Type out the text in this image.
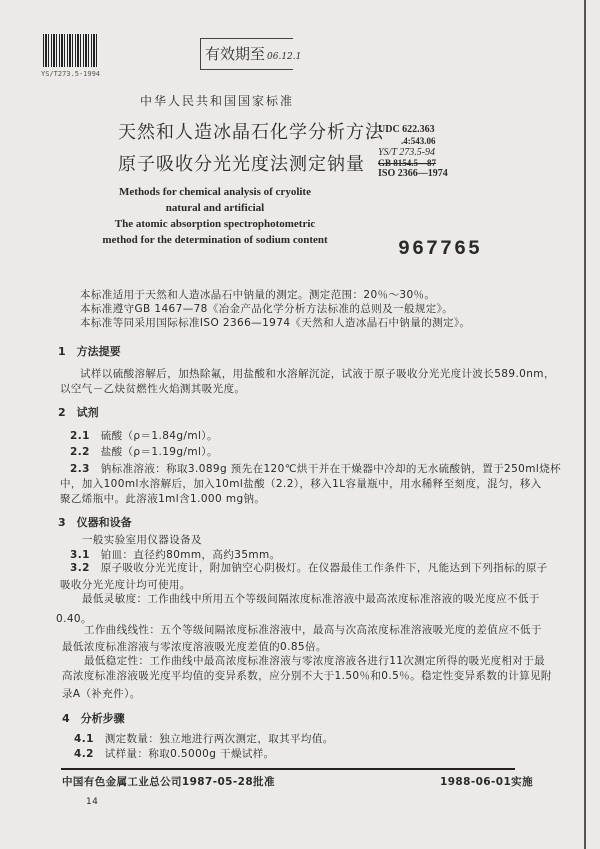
YS/T273.5-1994
有效期至 06.12.1
中华人民共和国国家标准
天然和人造冰晶石化学分析方法
原子吸收分光光度法测定钠量
UDC 622.363
.4:543.06
YS/T 273.5-94
GB 8154.5—87
ISO 2366—1974
Methods for chemical analysis of cryolite
natural and artificial
The atomic absorption spectrophotometric
method for the determination of sodium content	967765
本标准适用于天然和人造冰晶石中钠量的测定。测定范围：20％～30％。
本标准遵守GB 1467—78《冶金产品化学分析方法标准的总则及一般规定》。
本标准等同采用国际标准ISO 2366—1974《天然和人造冰晶石中钠量的测定》。
1　方法提要
试样以硫酸溶解后，加热除氟，用盐酸和水溶解沉淀，试液于原子吸收分光光度计波长589.0nm，
以空气－乙炔贫燃性火焰测其吸光度。
2　试剂
2.1　 硫酸（ρ＝1.84g/ml）。
2.2　 盐酸（ρ＝1.19g/ml）。
2.3　 钠标准溶液：称取3.089g 预先在120℃烘干并在干燥器中冷却的无水硫酸钠，置于250ml烧杯
中，加入100ml水溶解后，加入10ml盐酸（2.2），移入1L容量瓶中，用水稀释至刻度，混匀，移入
聚乙烯瓶中。此溶液1ml含1.000 mg钠。
3　仪器和设备
一般实验室用仪器设备及
3.1　 铂皿：直径约80mm，高约35mm。
3.2　 原子吸收分光光度计，附加钠空心阴极灯。在仪器最佳工作条件下，凡能达到下列指标的原子
吸收分光光度计均可使用。
最低灵敏度：工作曲线中所用五个等级间隔浓度标准溶液中最高浓度标准溶液的吸光度应不低于
0.40。
工作曲线线性：五个等级间隔浓度标准溶液中，最高与次高浓度标准溶液吸光度的差值应不低于
最低浓度标准溶液与零浓度溶液吸光度差值的0.85倍。
最低稳定性：工作曲线中最高浓度标准溶液与零浓度溶液各进行11次测定所得的吸光度相对于最
高浓度标准溶液吸光度平均值的变异系数，应分别不大于1.50％和0.5％。稳定性变异系数的计算见附
录A（补充件）。
4　分析步骤
4.1　 测定数量：独立地进行两次测定，取其平均值。
4.2　 试样量：称取0.5000g 干燥试样。
中国有色金属工业总公司1987-05-28批准	1988-06-01实施
14
